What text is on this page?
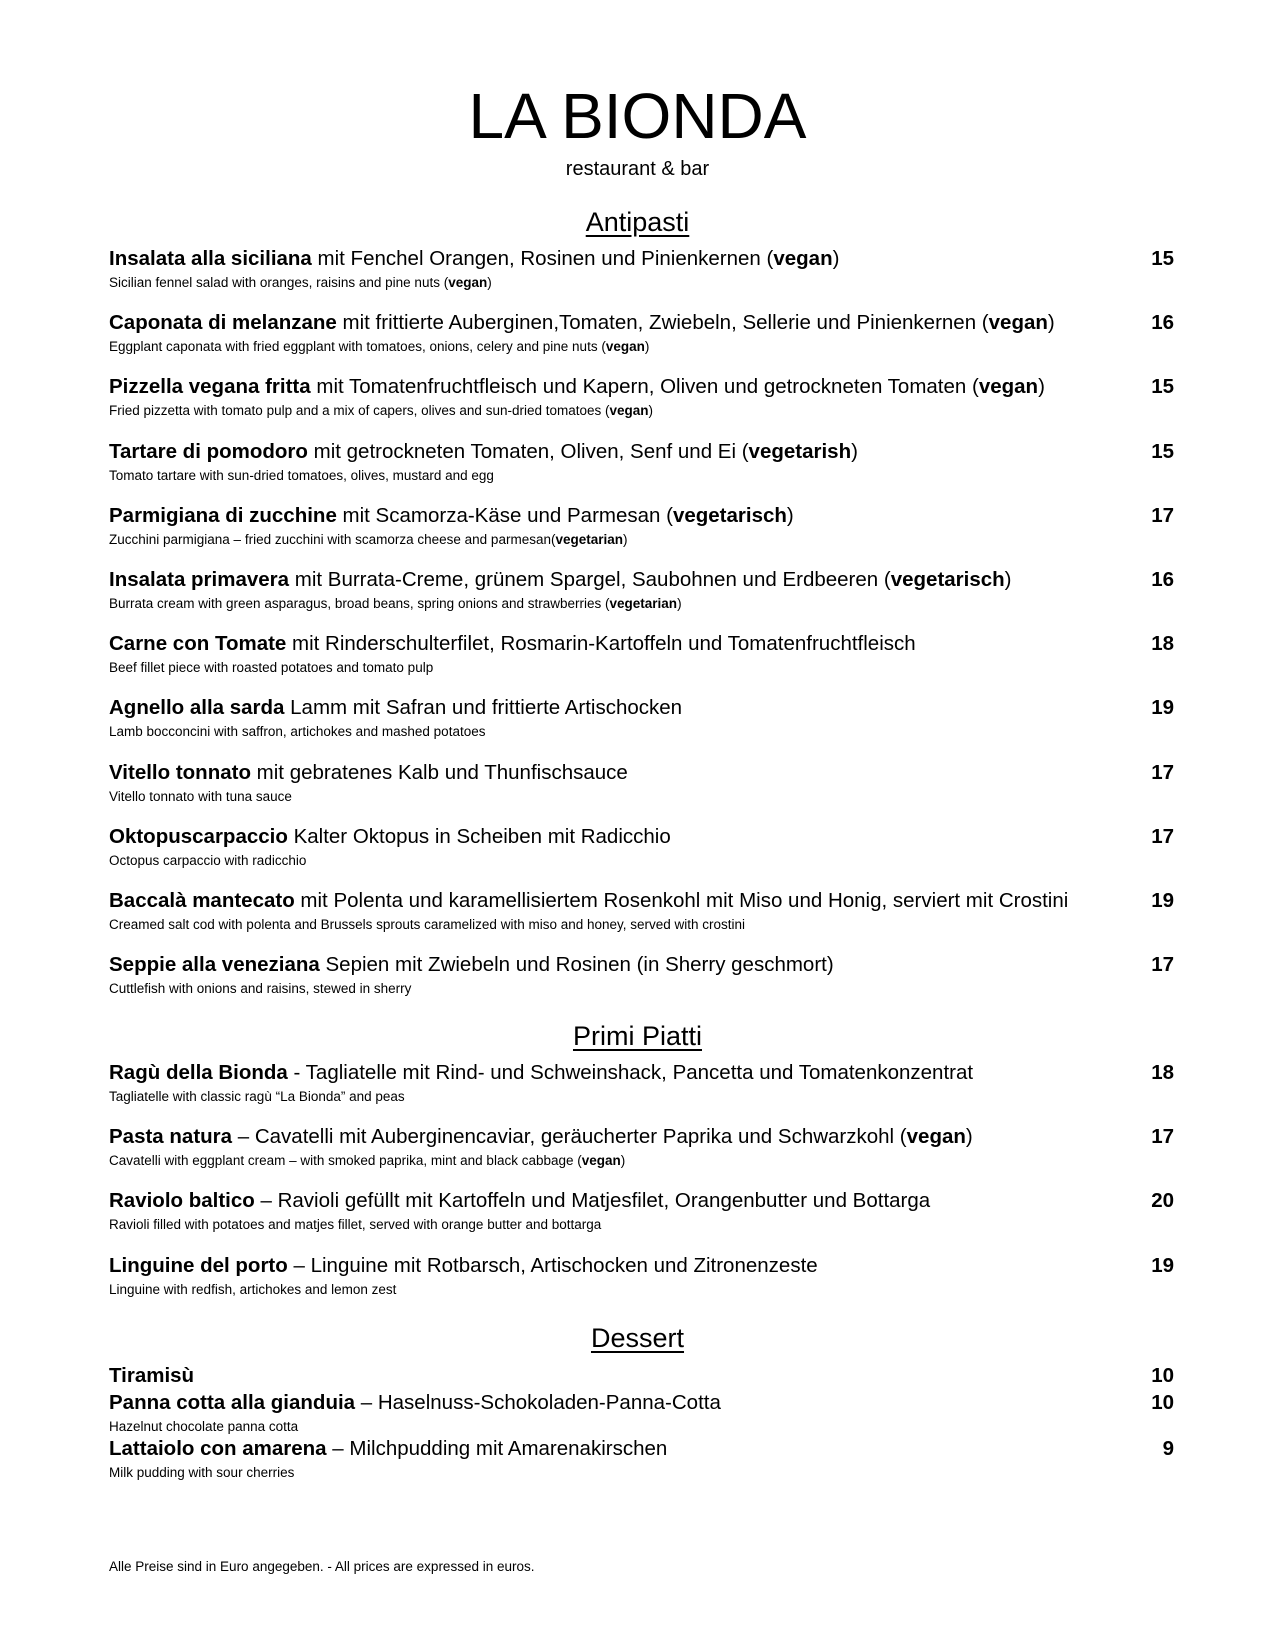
LA BIONDA
restaurant & bar
Antipasti
Insalata alla siciliana mit Fenchel Orangen, Rosinen und Pinienkernen (vegan)	15
Sicilian fennel salad with oranges, raisins and pine nuts (vegan)
Caponata di melanzane mit frittierte Auberginen,Tomaten, Zwiebeln, Sellerie und Pinienkernen (vegan)	16
Eggplant caponata with fried eggplant with tomatoes, onions, celery and pine nuts (vegan)
Pizzella vegana fritta mit Tomatenfruchtfleisch und Kapern, Oliven und getrockneten Tomaten (vegan)	15
Fried pizzetta with tomato pulp and a mix of capers, olives and sun-dried tomatoes (vegan)
Tartare di pomodoro mit getrockneten Tomaten, Oliven, Senf und Ei (vegetarish)	15
Tomato tartare with sun-dried tomatoes, olives, mustard and egg
Parmigiana di zucchine mit Scamorza-Käse und Parmesan (vegetarisch)	17
Zucchini parmigiana – fried zucchini with scamorza cheese and parmesan(vegetarian)
Insalata primavera mit Burrata-Creme, grünem Spargel, Saubohnen und Erdbeeren (vegetarisch)	16
Burrata cream with green asparagus, broad beans, spring onions and strawberries (vegetarian)
Carne con Tomate mit Rinderschulterfilet, Rosmarin-Kartoffeln und Tomatenfruchtfleisch	18
Beef fillet piece with roasted potatoes and tomato pulp
Agnello alla sarda Lamm mit Safran und frittierte Artischocken	19
Lamb bocconcini with saffron, artichokes and mashed potatoes
Vitello tonnato mit gebratenes Kalb und Thunfischsauce	17
Vitello tonnato with tuna sauce
Oktopuscarpaccio Kalter Oktopus in Scheiben mit Radicchio	17
Octopus carpaccio with radicchio
Baccalà mantecato mit Polenta und karamellisiertem Rosenkohl mit Miso und Honig, serviert mit Crostini	19
Creamed salt cod with polenta and Brussels sprouts caramelized with miso and honey, served with crostini
Seppie alla veneziana Sepien mit Zwiebeln und Rosinen (in Sherry geschmort)	17
Cuttlefish with onions and raisins, stewed in sherry
Primi Piatti
Ragù della Bionda - Tagliatelle mit Rind- und Schweinshack, Pancetta und Tomatenkonzentrat	18
Tagliatelle with classic ragù “La Bionda” and peas
Pasta natura – Cavatelli mit Auberginencaviar, geräucherter Paprika und Schwarzkohl (vegan)	17
Cavatelli with eggplant cream – with smoked paprika, mint and black cabbage (vegan)
Raviolo baltico – Ravioli gefüllt mit Kartoffeln und Matjesfilet, Orangenbutter und Bottarga	20
Ravioli filled with potatoes and matjes fillet, served with orange butter and bottarga
Linguine del porto – Linguine mit Rotbarsch, Artischocken und Zitronenzeste	19
Linguine with redfish, artichokes and lemon zest
Dessert
Tiramisù	10
Panna cotta alla gianduia – Haselnuss-Schokoladen-Panna-Cotta	10
Hazelnut chocolate panna cotta
Lattaiolo con amarena – Milchpudding mit Amarenakirschen	9
Milk pudding with sour cherries
Alle Preise sind in Euro angegeben. - All prices are expressed in euros.
